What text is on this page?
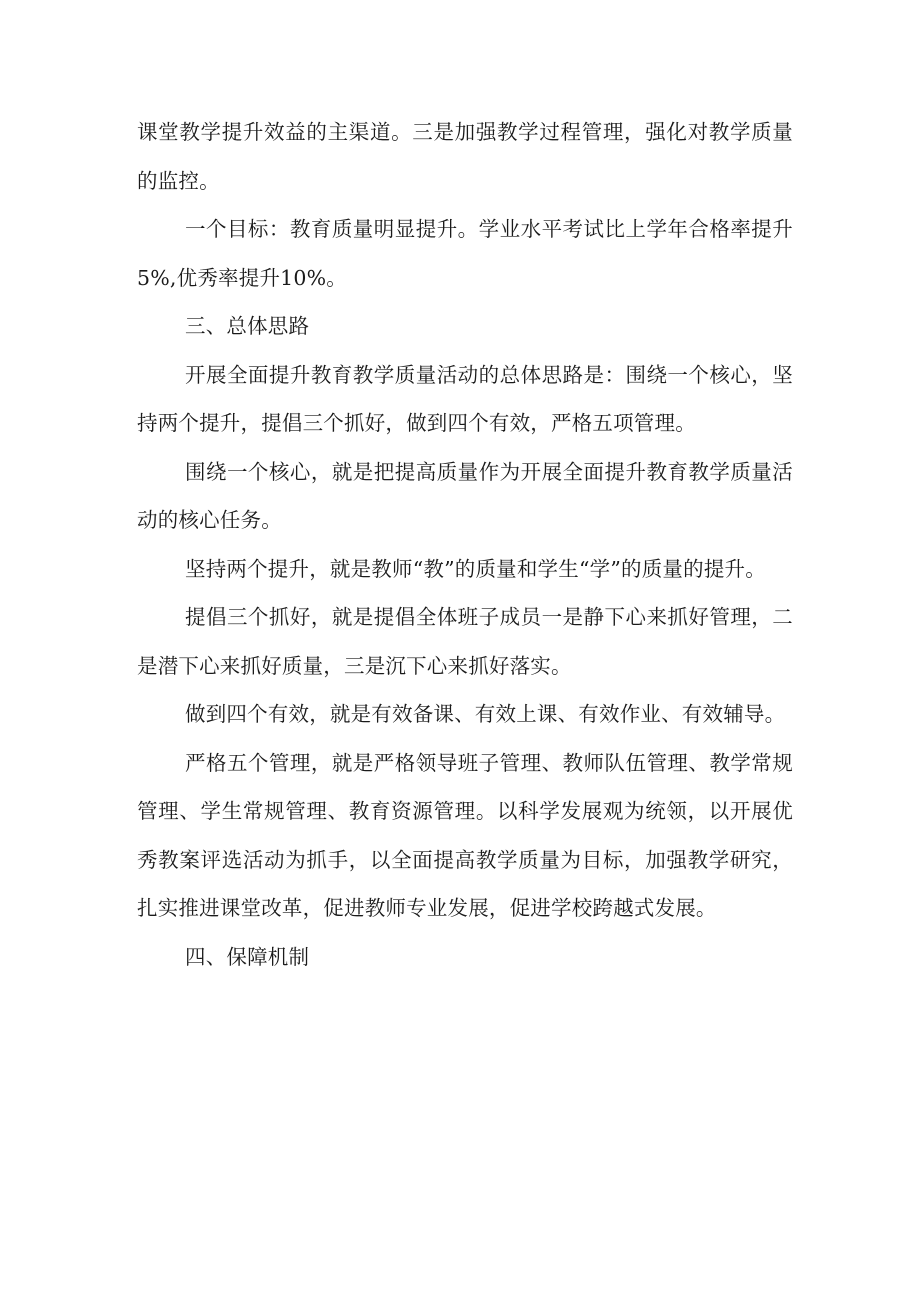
课堂教学提升效益的主渠道。三是加强教学过程管理，强化对教学质量的监控。

一个目标：教育质量明显提升。学业水平考试比上学年合格率提升5%,优秀率提升10%。

三、总体思路

开展全面提升教育教学质量活动的总体思路是：围绕一个核心，坚持两个提升，提倡三个抓好，做到四个有效，严格五项管理。

围绕一个核心，就是把提高质量作为开展全面提升教育教学质量活动的核心任务。

坚持两个提升，就是教师“教”的质量和学生“学”的质量的提升。

提倡三个抓好，就是提倡全体班子成员一是静下心来抓好管理，二是潜下心来抓好质量，三是沉下心来抓好落实。

做到四个有效，就是有效备课、有效上课、有效作业、有效辅导。

严格五个管理，就是严格领导班子管理、教师队伍管理、教学常规管理、学生常规管理、教育资源管理。以科学发展观为统领，以开展优秀教案评选活动为抓手，以全面提高教学质量为目标，加强教学研究，扎实推进课堂改革，促进教师专业发展，促进学校跨越式发展。

四、保障机制
